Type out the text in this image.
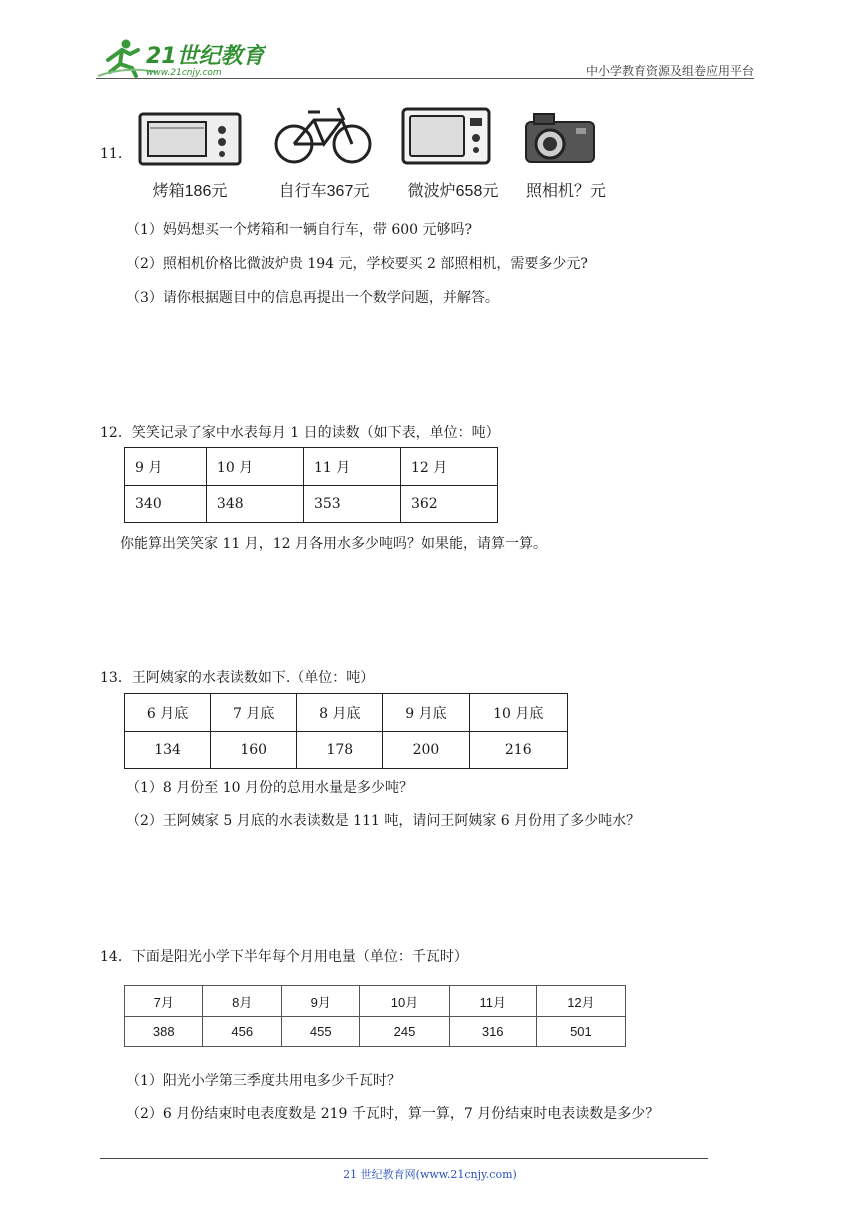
21世纪教育
www.21cnjy.com	中小学教育资源及组卷应用平台
11.
烤箱186元	自行车367元	微波炉658元	照相机？元
（1）妈妈想买一个烤箱和一辆自行车，带 600 元够吗?
（2）照相机价格比微波炉贵 194 元，学校要买 2 部照相机，需要多少元?
（3）请你根据题目中的信息再提出一个数学问题，并解答。
12．笑笑记录了家中水表每月 1 日的读数（如下表，单位：吨）
9 月	10 月	11 月	12 月
340	348	353	362
你能算出笑笑家 11 月，12 月各用水多少吨吗？如果能，请算一算。
13．王阿姨家的水表读数如下.（单位：吨）
6 月底	7 月底	8 月底	9 月底	10 月底
134	160	178	200	216
（1）8 月份至 10 月份的总用水量是多少吨？
（2）王阿姨家 5 月底的水表读数是 111 吨，请问王阿姨家 6 月份用了多少吨水？
14．下面是阳光小学下半年每个月用电量（单位：千瓦时）
7月	8月	9月	10月	11月	12月
388	456	455	245	316	501
（1）阳光小学第三季度共用电多少千瓦时？
（2）6 月份结束时电表度数是 219 千瓦时，算一算，7 月份结束时电表读数是多少？
21 世纪教育网(www.21cnjy.com)
